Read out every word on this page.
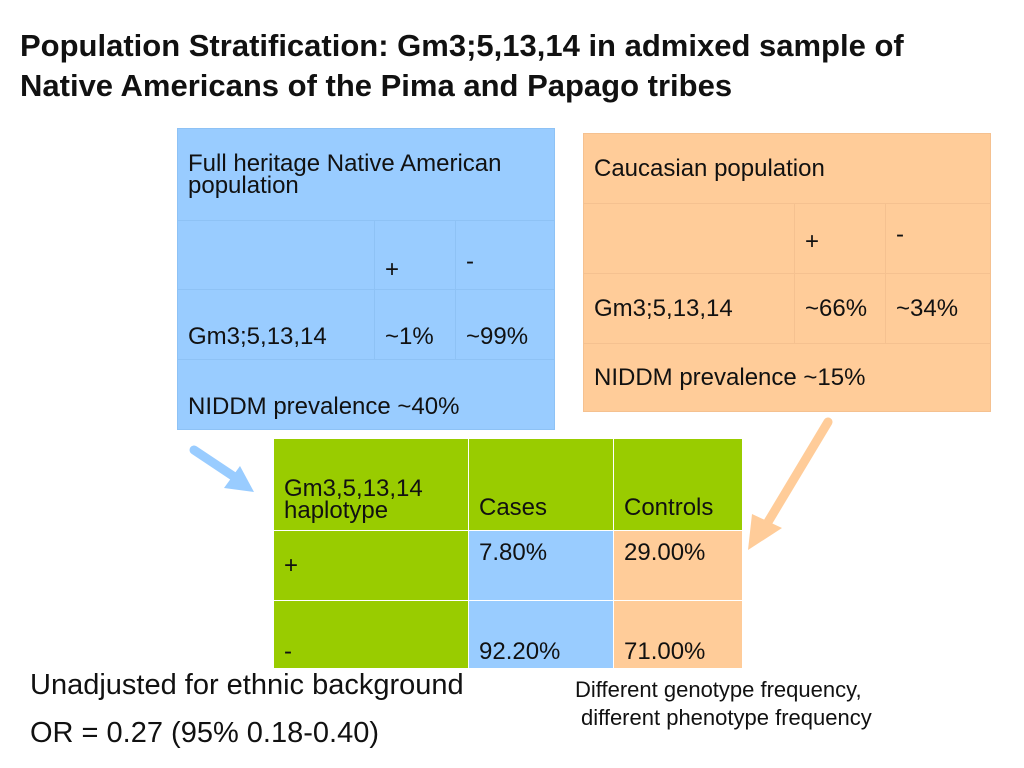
Population Stratification: Gm3;5,13,14 in admixed sample of
Native Americans of the Pima and Papago tribes
Full heritage Native American population		
	+	-
Gm3;5,13,14	~1%	~99%
NIDDM prevalence ~40%		
Caucasian population		
	+	-
Gm3;5,13,14	~66%	~34%
NIDDM prevalence ~15%		
Gm3,5,13,14 haplotype	Cases	Controls
+	7.80%	29.00%
-	92.20%	71.00%
Unadjusted for ethnic background
OR = 0.27 (95% 0.18-0.40)
Different genotype frequency,
different phenotype frequency
